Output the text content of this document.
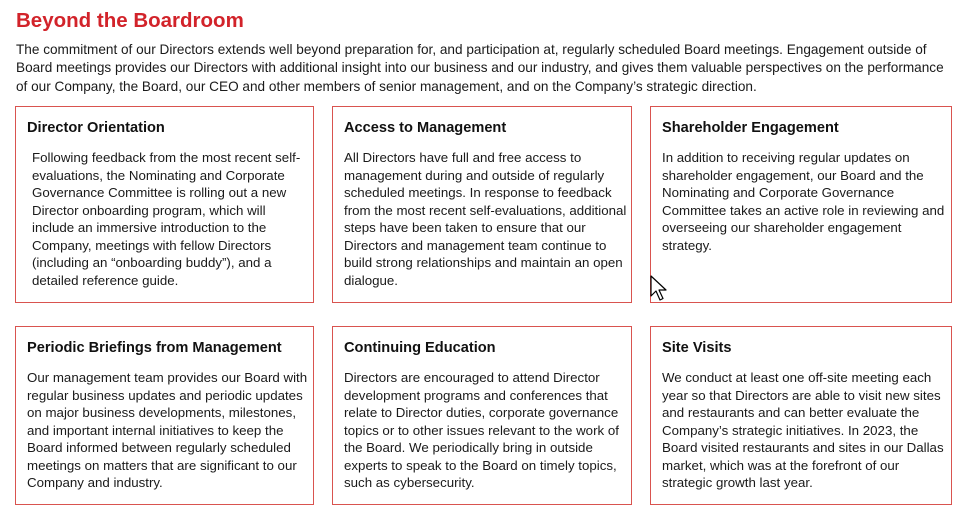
Beyond the Boardroom

The commitment of our Directors extends well beyond preparation for, and participation at, regularly scheduled Board meetings. Engagement outside of Board meetings provides our Directors with additional insight into our business and our industry, and gives them valuable perspectives on the performance of our Company, the Board, our CEO and other members of senior management, and on the Company’s strategic direction.

Director Orientation

Following feedback from the most recent self-evaluations, the Nominating and Corporate Governance Committee is rolling out a new Director onboarding program, which will include an immersive introduction to the Company, meetings with fellow Directors (including an “onboarding buddy”), and a detailed reference guide.

Access to Management

All Directors have full and free access to management during and outside of regularly scheduled meetings. In response to feedback from the most recent self-evaluations, additional steps have been taken to ensure that our Directors and management team continue to build strong relationships and maintain an open dialogue.

Shareholder Engagement

In addition to receiving regular updates on shareholder engagement, our Board and the Nominating and Corporate Governance Committee takes an active role in reviewing and overseeing our shareholder engagement strategy.

Periodic Briefings from Management

Our management team provides our Board with regular business updates and periodic updates on major business developments, milestones, and important internal initiatives to keep the Board informed between regularly scheduled meetings on matters that are significant to our Company and industry.

Continuing Education

Directors are encouraged to attend Director development programs and conferences that relate to Director duties, corporate governance topics or to other issues relevant to the work of the Board. We periodically bring in outside experts to speak to the Board on timely topics, such as cybersecurity.

Site Visits

We conduct at least one off-site meeting each year so that Directors are able to visit new sites and restaurants and can better evaluate the Company’s strategic initiatives. In 2023, the Board visited restaurants and sites in our Dallas market, which was at the forefront of our strategic growth last year.
